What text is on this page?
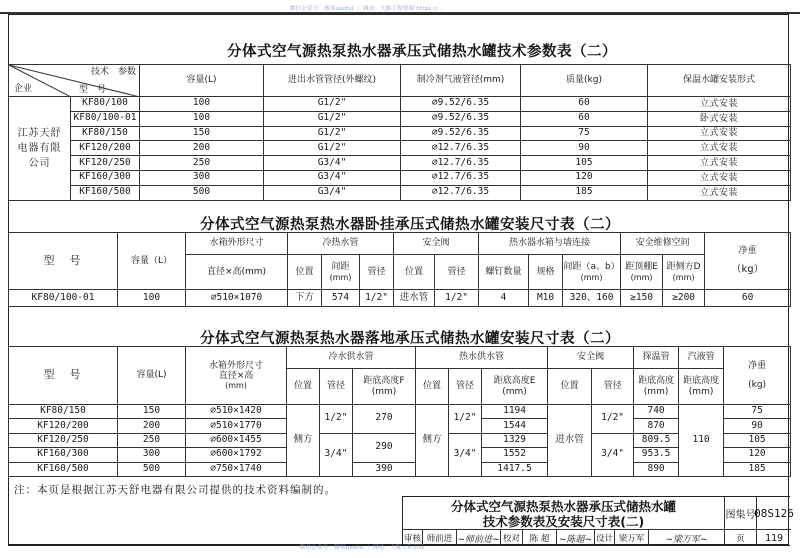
微信公众号：豚岚useful ｜ 网站：大豚工程资源 https://...
分体式空气源热泵热水器承压式储热水罐技术参数表（二）
技术　参数
型　号
企业		容量(L)	进出水管管径(外螺纹)	制冷剂气液管径(mm)	质量(kg)	保温水罐安装形式
江苏天舒电器有限公司	KF80/100	100	G1/2"	⌀9.52/6.35	60	立式安装
	KF80/100-01	100	G1/2"	⌀9.52/6.35	60	卧式安装
	KF80/150	150	G1/2"	⌀9.52/6.35	75	立式安装
	KF120/200	200	G1/2"	⌀12.7/6.35	90	立式安装
	KF120/250	250	G3/4"	⌀12.7/6.35	105	立式安装
	KF160/300	300	G3/4"	⌀12.7/6.35	120	立式安装
	KF160/500	500	G3/4"	⌀12.7/6.35	185	立式安装
分体式空气源热泵热水器卧挂承压式储热水罐安装尺寸表（二）
型　号	容量（L）	水箱外形尺寸	冷热水管			安全阀		热水器水箱与墙连接			安全维修空间		净重
（kg）

直径×高(mm)	位置	间距
(mm)
	管径	位置	管径	螺钉数量	规格	间距（a、b）
(mm)

距顶棚E
(mm)

距侧方D
(mm)

KF80/100-01	100	⌀510×1070	下方	574	1/2"	进水管	1/2"	4	M10	320、160	≥150	≥200	60
分体式空气源热泵热水器落地承压式储热水罐安装尺寸表（二）
型　号	容量(L)	
水箱外形尺寸
直径×高
(mm)
	冷水供水管	热水供水管	安全阀	探温管	汽液管	
净重
(kg)

位置	管径	
距底高度F
(mm)
	位置	管径	
距底高度E
(mm)
	位置	管径	
距底高度
(mm)

距底高度
(mm)

KF80/150	150	⌀510×1420	侧方	1/2"	270	侧方	1/2"	1194	进水管	1/2"	740	110	75
KF120/200	200	⌀510×1770						1544			870		90
KF120/250	250	⌀600×1455		3/4"	290		3/4"	1329		3/4"	809.5		105
KF160/300	300	⌀600×1792						1552			953.5		120
KF160/500	500	⌀750×1740			390			1417.5			890		185
注：本页是根据江苏天舒电器有限公司提供的技术资料编制的。
微信公众号：豚岚useful ｜ 网站：大豚工程资源
分体式空气源热泵热水器承压式储热水罐
技术参数表及安装尺寸表(二)	图集号
08S126
审核 师前进 ~师前进~ 校对	陈 超	~陈超~ 设计 梁万军	~梁万军~	页	119
